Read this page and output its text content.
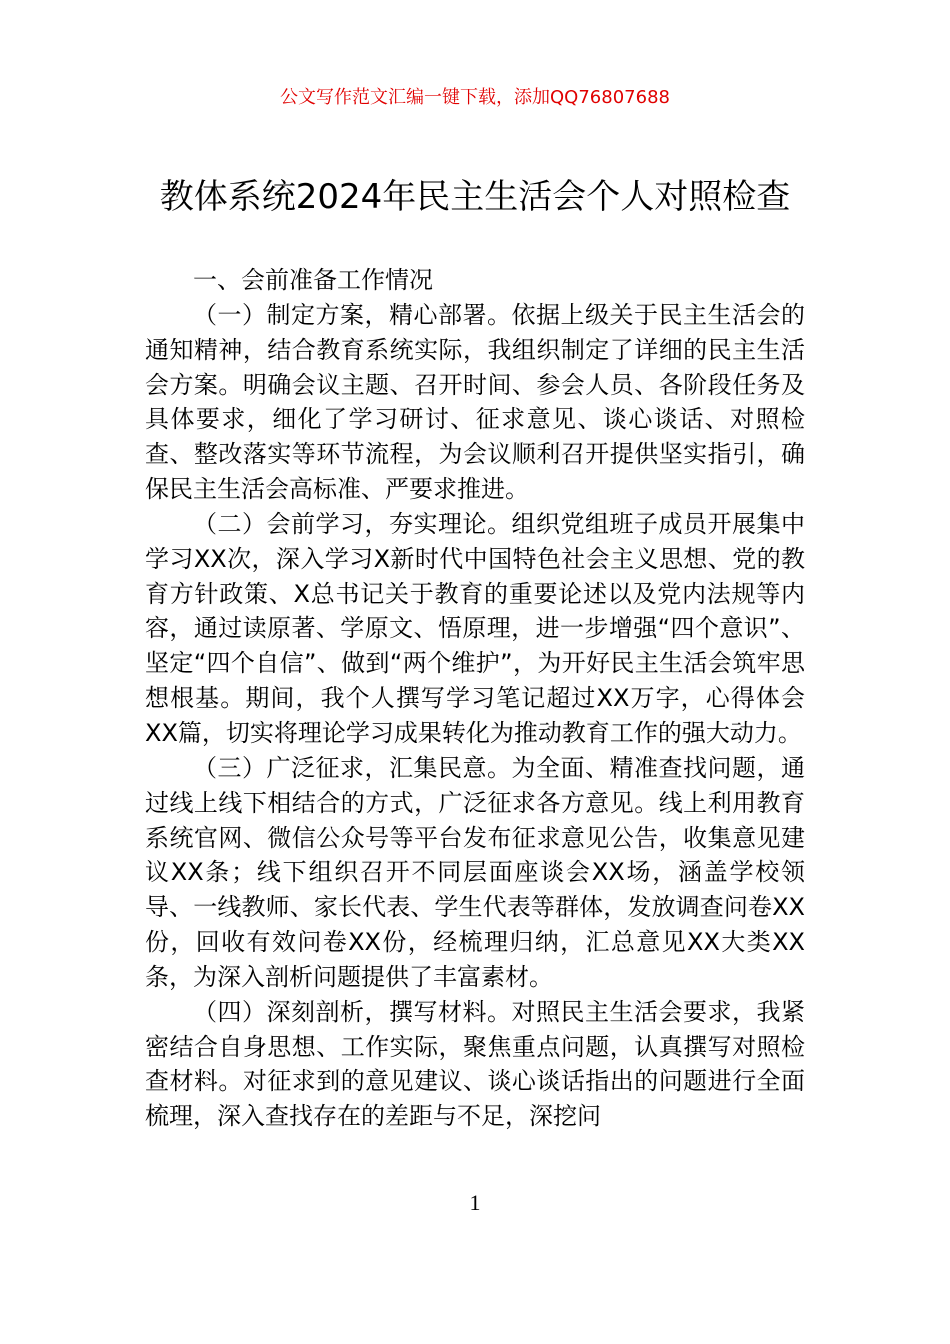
公文写作范文汇编一键下载，添加QQ76807688
教体系统2024年民主生活会个人对照检查

一、会前准备工作情况

（一）制定方案，精心部署。依据上级关于民主生活会的通知精神，结合教育系统实际，我组织制定了详细的民主生活会方案。明确会议主题、召开时间、参会人员、各阶段任务及具体要求，细化了学习研讨、征求意见、谈心谈话、对照检查、整改落实等环节流程，为会议顺利召开提供坚实指引，确保民主生活会高标准、严要求推进。

（二）会前学习，夯实理论。组织党组班子成员开展集中学习XX次，深入学习X新时代中国特色社会主义思想、党的教育方针政策、X总书记关于教育的重要论述以及党内法规等内容，通过读原著、学原文、悟原理，进一步增强“四个意识”、坚定“四个自信”、做到“两个维护”，为开好民主生活会筑牢思想根基。期间，我个人撰写学习笔记超过XX万字，心得体会XX篇，切实将理论学习成果转化为推动教育工作的强大动力。

（三）广泛征求，汇集民意。为全面、精准查找问题，通过线上线下相结合的方式，广泛征求各方意见。线上利用教育系统官网、微信公众号等平台发布征求意见公告，收集意见建议XX条；线下组织召开不同层面座谈会XX场，涵盖学校领导、一线教师、家长代表、学生代表等群体，发放调查问卷XX份，回收有效问卷XX份，经梳理归纳，汇总意见XX大类XX条，为深入剖析问题提供了丰富素材。

（四）深刻剖析，撰写材料。对照民主生活会要求，我紧密结合自身思想、工作实际，聚焦重点问题，认真撰写对照检查材料。对征求到的意见建议、谈心谈话指出的问题进行全面梳理，深入查找存在的差距与不足，深挖问

1
